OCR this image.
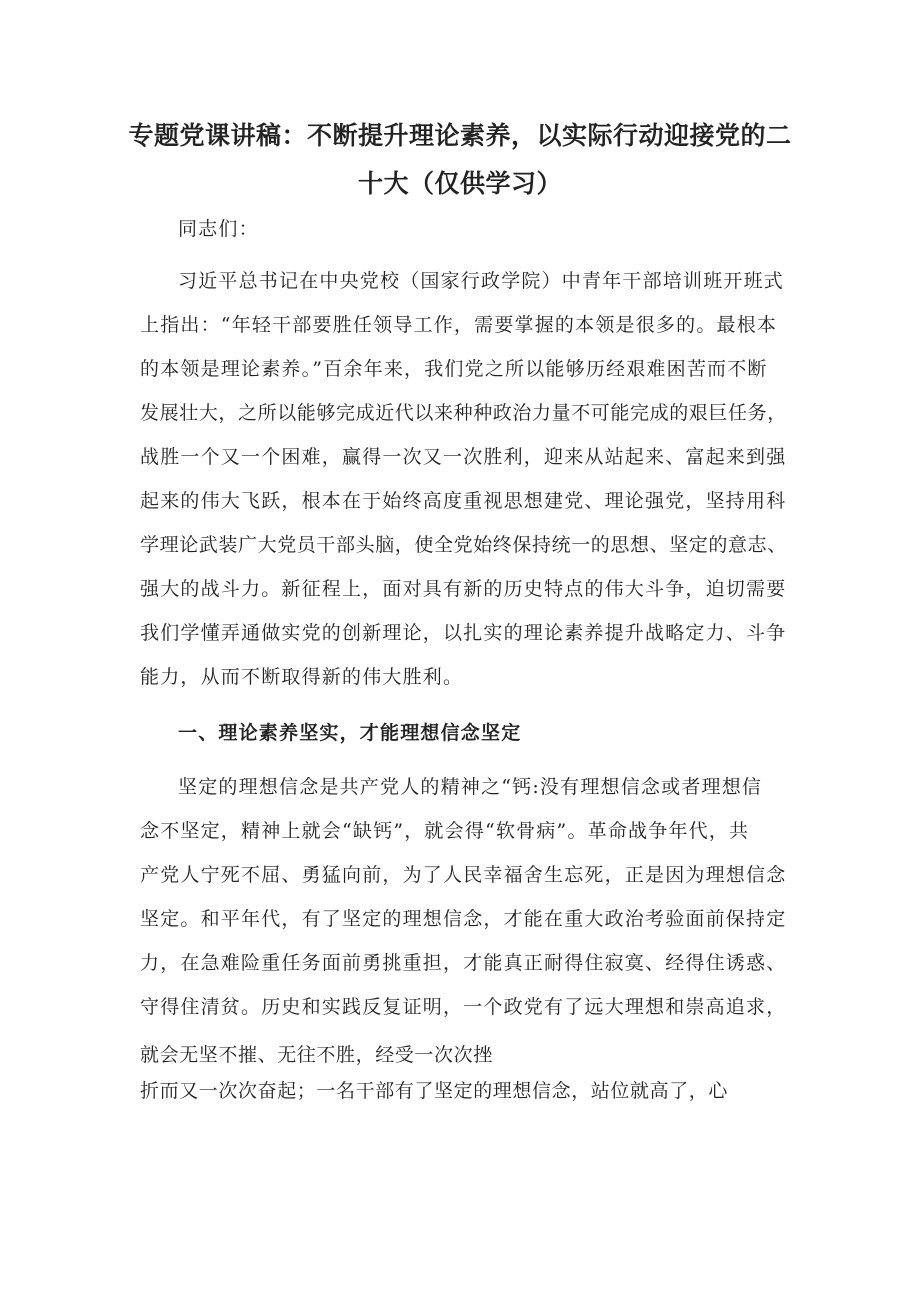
专题党课讲稿：不断提升理论素养，以实际行动迎接党的二
十大（仅供学习）

同志们：

习近平总书记在中央党校（国家行政学院）中青年干部培训班开班式

上指出：“年轻干部要胜任领导工作，需要掌握的本领是很多的。最根本

的本领是理论素养。”百余年来，我们党之所以能够历经艰难困苦而不断

发展壮大，之所以能够完成近代以来种种政治力量不可能完成的艰巨任务，

战胜一个又一个困难，赢得一次又一次胜利，迎来从站起来、富起来到强

起来的伟大飞跃，根本在于始终高度重视思想建党、理论强党，坚持用科

学理论武装广大党员干部头脑，使全党始终保持统一的思想、坚定的意志、

强大的战斗力。新征程上，面对具有新的历史特点的伟大斗争，迫切需要

我们学懂弄通做实党的创新理论，以扎实的理论素养提升战略定力、斗争

能力，从而不断取得新的伟大胜利。

一、理论素养坚实，才能理想信念坚定

坚定的理想信念是共产党人的精神之“钙:没有理想信念或者理想信

念不坚定，精神上就会“缺钙”，就会得“软骨病”。革命战争年代，共

产党人宁死不屈、勇猛向前，为了人民幸福舍生忘死，正是因为理想信念

坚定。和平年代，有了坚定的理想信念，才能在重大政治考验面前保持定

力，在急难险重任务面前勇挑重担，才能真正耐得住寂寞、经得住诱惑、

守得住清贫。历史和实践反复证明，一个政党有了远大理想和崇高追求，

就会无坚不摧、无往不胜，经受一次次挫

折而又一次次奋起；一名干部有了坚定的理想信念，站位就高了，心
